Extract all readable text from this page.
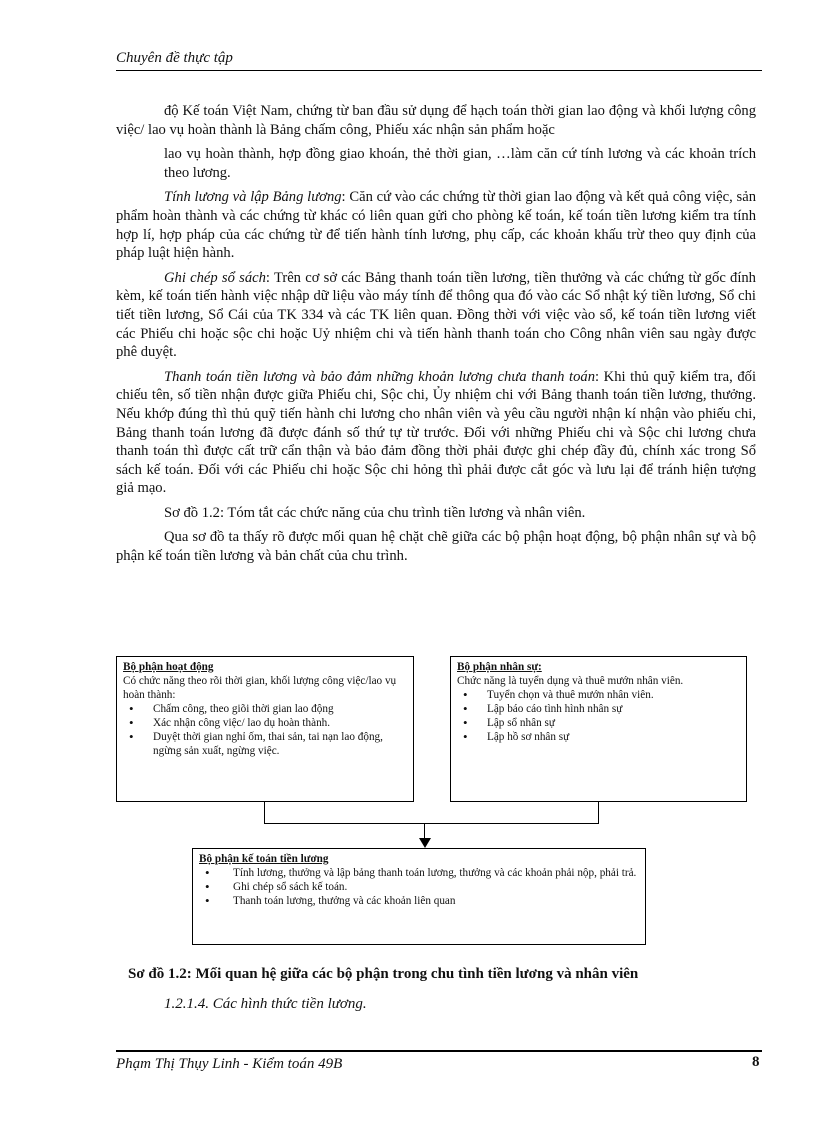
Chuyên đề thực tập

độ Kế toán Việt Nam, chứng từ ban đầu sử dụng để hạch toán thời gian lao động và khối lượng công việc/ lao vụ hoàn thành là Bảng chấm công, Phiếu xác nhận sản phẩm hoặc

lao vụ hoàn thành, hợp đồng giao khoán, thẻ thời gian, …làm căn cứ tính lương và các khoản trích theo lương.

Tính lương và lập Bảng lương: Căn cứ vào các chứng từ thời gian lao động và kết quả công việc, sản phẩm hoàn thành và các chứng từ khác có liên quan gửi cho phòng kế toán, kế toán tiền lương kiểm tra tính hợp lí, hợp pháp của các chứng từ để tiến hành tính lương, phụ cấp, các khoản khấu trừ theo quy định của pháp luật hiện hành.

Ghi chép sổ sách: Trên cơ sở các Bảng thanh toán tiền lương, tiền thưởng và các chứng từ gốc đính kèm, kế toán tiến hành việc nhập dữ liệu vào máy tính để thông qua đó vào các Sổ nhật ký tiền lương, Sổ chi tiết tiền lương, Sổ Cái của TK 334 và các TK liên quan. Đồng thời với việc vào sổ, kế toán tiền lương viết các Phiếu chi hoặc sộc chi hoặc Uỷ nhiệm chi và tiến hành thanh toán cho Công nhân viên sau ngày được phê duyệt.

Thanh toán tiền lương và bảo đảm những khoản lương chưa thanh toán: Khi thủ quỹ kiểm tra, đối chiếu tên, số tiền nhận được giữa Phiếu chi, Sộc chi, Ủy nhiệm chi với Bảng thanh toán tiền lương, thưởng. Nếu khớp đúng thì thủ quỹ tiến hành chi lương cho nhân viên và yêu cầu người nhận kí nhận vào phiếu chi, Bảng thanh toán lương đã được đánh số thứ tự từ trước. Đối với những Phiếu chi và Sộc chi lương chưa thanh toán thì được cất trữ cẩn thận và bảo đảm đồng thời phải được ghi chép đầy đủ, chính xác trong Sổ sách kế toán. Đối với các Phiếu chi hoặc Sộc chi hỏng thì phải được cắt góc và lưu lại để tránh hiện tượng giả mạo.

Sơ đồ 1.2: Tóm tắt các chức năng của chu trình tiền lương và nhân viên.

Qua sơ đồ ta thấy rõ được mối quan hệ chặt chẽ giữa các bộ phận hoạt động, bộ phận nhân sự và bộ phận kế toán tiền lương và bản chất của chu trình.

Bộ phận hoạt động
Có chức năng theo rõi thời gian, khối lượng công việc/lao vụ hoàn thành:
• Chấm công, theo giõi thời gian lao động
• Xác nhận công việc/ lao dụ hoàn thành.
• Duyệt thời gian nghỉ ốm, thai sản, tai nạn lao động, ngừng sản xuất, ngừng việc.
Bộ phận nhân sự:
Chức năng là tuyển dụng và thuê mướn nhân viên.
• Tuyển chọn và thuê mướn nhân viên.
• Lập báo cáo tình hình nhân sự
• Lập sổ nhân sự
• Lập hồ sơ nhân sự
Bộ phận kế toán tiền lương
• Tính lương, thưởng và lập bảng thanh toán lương, thưởng và các khoản phải nộp, phải trả.
• Ghi chép sổ sách kế toán.
• Thanh toán lương, thưởng và các khoản liên quan
Sơ đồ 1.2: Mối quan hệ giữa các bộ phận trong chu tình tiền lương và nhân viên
1.2.1.4. Các hình thức tiền lương.
Phạm Thị Thụy Linh - Kiểm toán 49B	8
